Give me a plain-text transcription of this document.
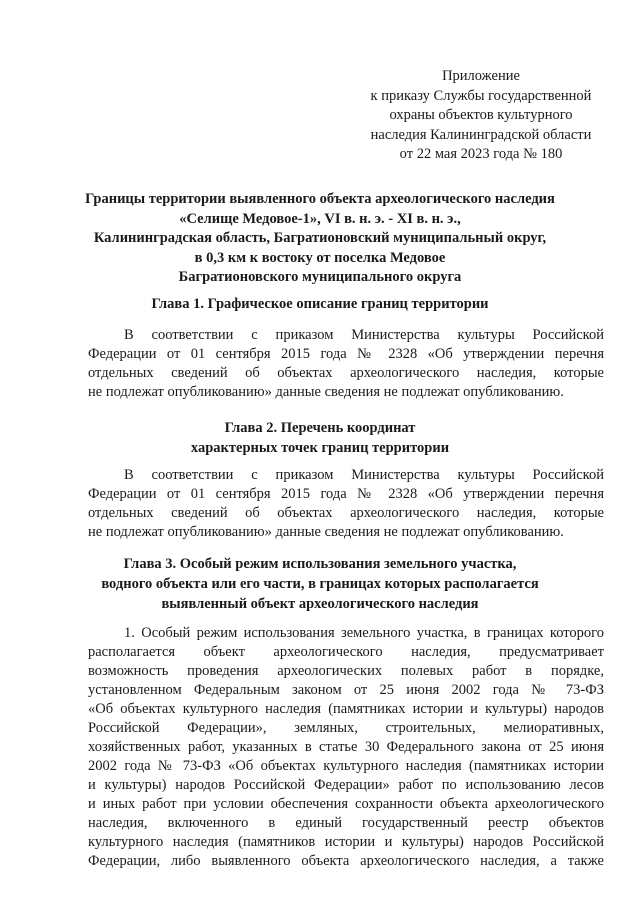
Приложение
к приказу Службы государственной
охраны объектов культурного
наследия Калининградской области
от 22 мая 2023 года № 180
Границы территории выявленного объекта археологического наследия
«Селище Медовое-1», VI в. н. э. - XI в. н. э.,
Калининградская область, Багратионовский муниципальный округ,
в 0,3 км к востоку от поселка Медовое
Багратионовского муниципального округа
Глава 1. Графическое описание границ территории
В соответствии с приказом Министерства культуры Российской
Федерации от 01 сентября 2015 года № 2328 «Об утверждении перечня
отдельных сведений об объектах археологического наследия, которые
не подлежат опубликованию» данные сведения не подлежат опубликованию.
Глава 2. Перечень координат
характерных точек границ территории
В соответствии с приказом Министерства культуры Российской
Федерации от 01 сентября 2015 года № 2328 «Об утверждении перечня
отдельных сведений об объектах археологического наследия, которые
не подлежат опубликованию» данные сведения не подлежат опубликованию.
Глава 3. Особый режим использования земельного участка,
водного объекта или его части, в границах которых располагается
выявленный объект археологического наследия
1. Особый режим использования земельного участка, в границах которого
располагается объект археологического наследия, предусматривает
возможность проведения археологических полевых работ в порядке,
установленном Федеральным законом от 25 июня 2002 года № 73-ФЗ
«Об объектах культурного наследия (памятниках истории и культуры) народов
Российской Федерации», земляных, строительных, мелиоративных,
хозяйственных работ, указанных в статье 30 Федерального закона от 25 июня
2002 года № 73-ФЗ «Об объектах культурного наследия (памятниках истории
и культуры) народов Российской Федерации» работ по использованию лесов
и иных работ при условии обеспечения сохранности объекта археологического
наследия, включенного в единый государственный реестр объектов
культурного наследия (памятников истории и культуры) народов Российской
Федерации, либо выявленного объекта археологического наследия, а также
